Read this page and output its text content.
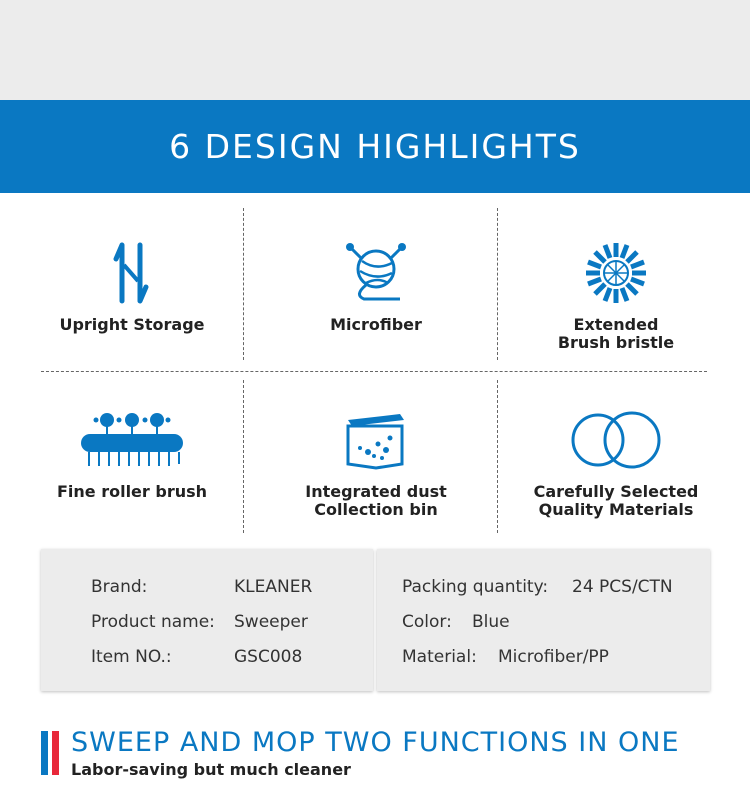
6 DESIGN HIGHLIGHTS
Upright Storage	Microfiber	Extended
Brush bristle
Fine roller brush	Integrated dust
Collection bin
Carefully Selected
Quality Materials
Brand:	KLEANER
Product name: Sweeper
Item NO.:	GSC008
Packing quantity: 24 PCS/CTN
Color: Blue
Material: Microfiber/PP
SWEEP AND MOP TWO FUNCTIONS IN ONE
Labor-saving but much cleaner
